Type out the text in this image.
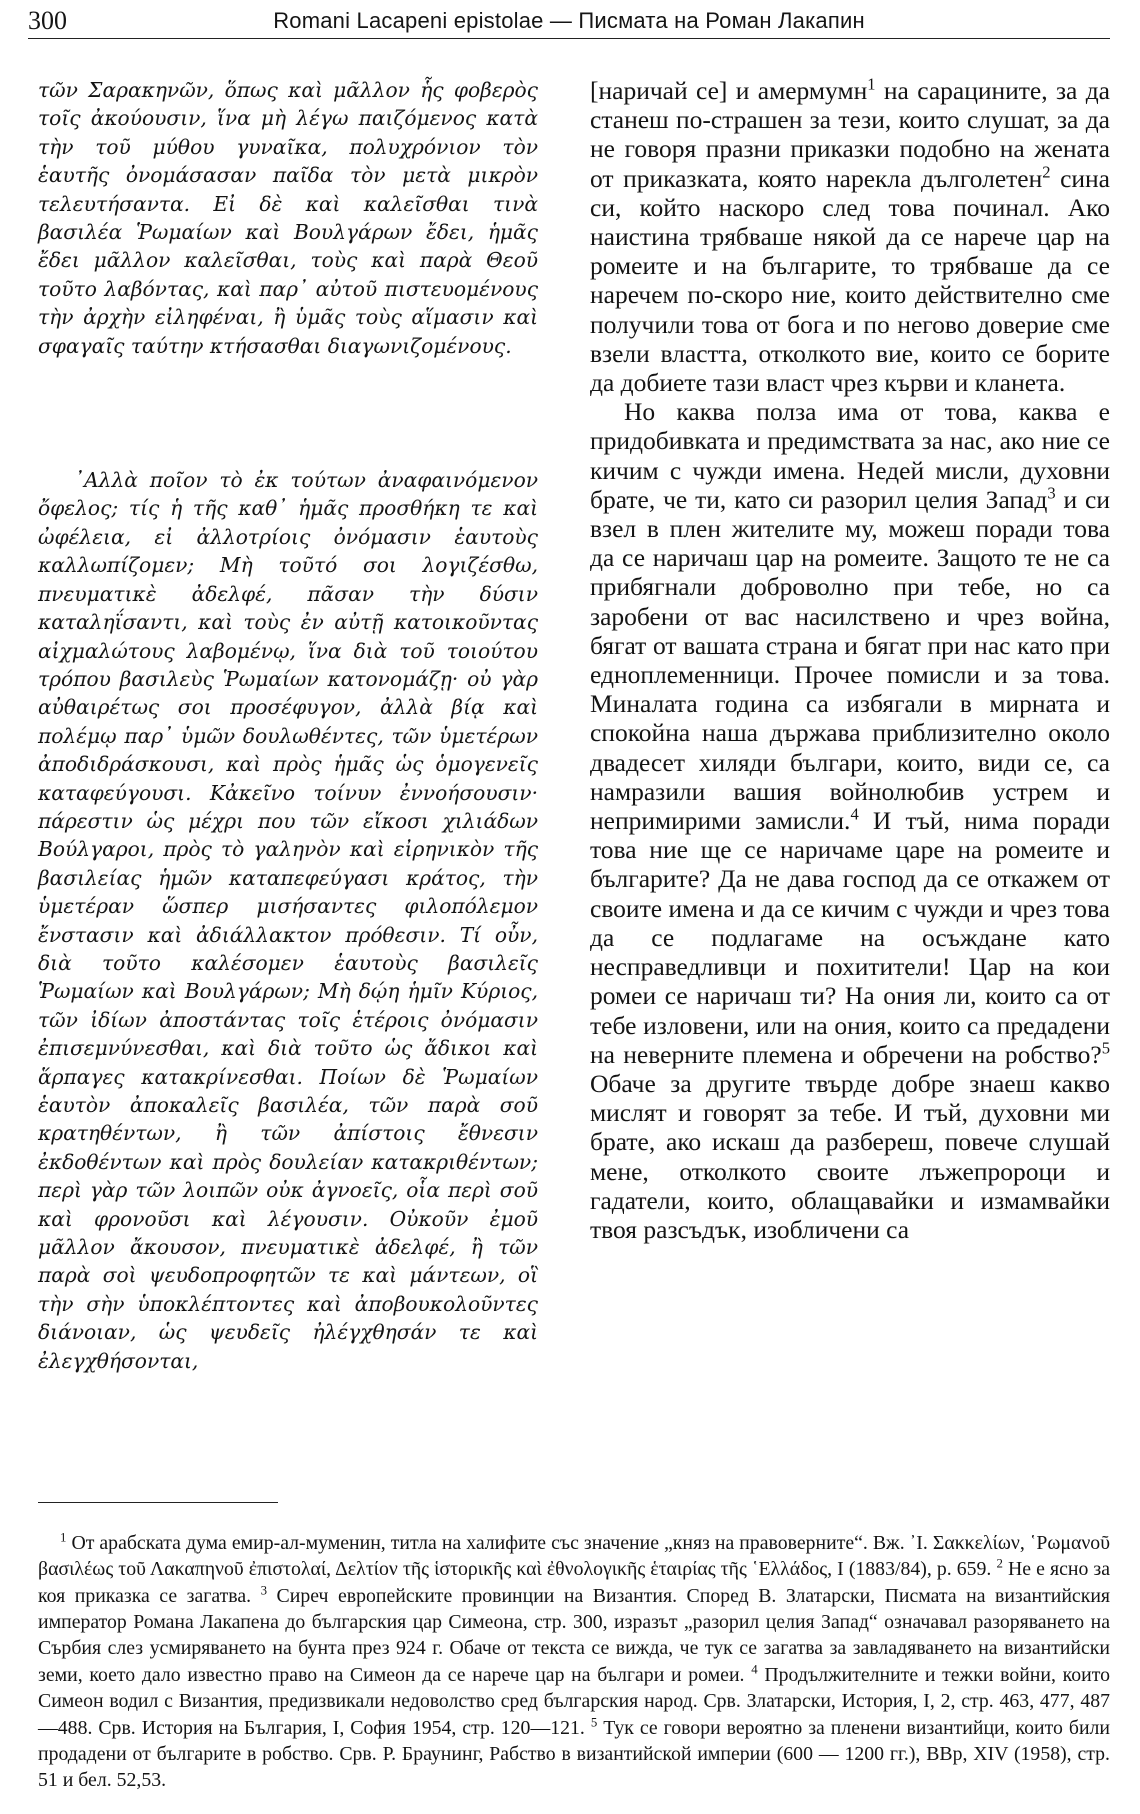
300	Romani Lacapeni epistolae — Писмата на Роман Лакапин

τῶν Σαρακηνῶν, ὅπως καὶ μᾶλλον ἧς φοβερὸς τοῖς ἀκούουσιν, ἵνα μὴ λέγω παιζόμενος κατὰ τὴν τοῦ μύθου γυναῖκα, πολυχρόνιον τὸν ἑαυτῆς ὀνομάσασαν παῖδα τὸν μετὰ μικρὸν τελευτήσαντα. Εἰ δὲ καὶ καλεῖσθαι τινὰ βασιλέα Ῥωμαίων καὶ Βουλγάρων ἔδει, ἡμᾶς ἔδει μᾶλλον καλεῖσθαι, τοὺς καὶ παρὰ Θεοῦ τοῦτο λαβόντας, καὶ παρ᾿ αὐτοῦ πιστευομένους τὴν ἀρχὴν εἰληφέναι, ἢ ὑμᾶς τοὺς αἵμασιν καὶ σφαγαῖς ταύτην κτήσασθαι διαγωνιζομένους.

᾿Αλλὰ ποῖον τὸ ἐκ τούτων ἀναφαινόμενον ὄφελος; τίς ἡ τῆς καθ᾿ ἡμᾶς προσθήκη τε καὶ ὠφέλεια, εἰ ἀλλοτρίοις ὀνόμασιν ἑαυτοὺς καλλωπίζομεν; Μὴ τοῦτό σοι λογιζέσθω, πνευματικὲ ἀδελφέ, πᾶσαν τὴν δύσιν καταληΐσαντι, καὶ τοὺς ἐν αὐτῇ κατοικοῦντας αἰχμαλώτους λαβομένῳ, ἵνα διὰ τοῦ τοιούτου τρόπου βασιλεὺς Ῥωμαίων κατονομάζῃ· οὐ γὰρ αὐθαιρέτως σοι προσέφυγον, ἀλλὰ βίᾳ καὶ πολέμῳ παρ᾿ ὑμῶν δουλωθέντες, τῶν ὑμετέρων ἀποδιδράσκουσι, καὶ πρὸς ἡμᾶς ὡς ὁμογενεῖς καταφεύγουσι. Κἀκεῖνο τοίνυν ἐννοήσουσιν· πάρεστιν ὡς μέχρι που τῶν εἴκοσι χιλιάδων Βούλγαροι, πρὸς τὸ γαληνὸν καὶ εἰρηνικὸν τῆς βασιλείας ἡμῶν καταπεφεύγασι κράτος, τὴν ὑμετέραν ὥσπερ μισήσαντες φιλοπόλεμον ἔνστασιν καὶ ἀδιάλλακτον πρόθεσιν. Τί οὖν, διὰ τοῦτο καλέσομεν ἑαυτοὺς βασιλεῖς Ῥωμαίων καὶ Βουλγάρων; Μὴ δῴη ἡμῖν Κύριος, τῶν ἰδίων ἀποστάντας τοῖς ἑτέροις ὀνόμασιν ἐπισεμνύνεσθαι, καὶ διὰ τοῦτο ὡς ἄδικοι καὶ ἅρπαγες κατακρίνεσθαι. Ποίων δὲ Ῥωμαίων ἑαυτὸν ἀποκαλεῖς βασιλέα, τῶν παρὰ σοῦ κρατηθέντων, ἢ τῶν ἀπίστοις ἔθνεσιν ἐκδοθέντων καὶ πρὸς δουλείαν κατακριθέντων; περὶ γὰρ τῶν λοιπῶν οὐκ ἀγνοεῖς, οἷα περὶ σοῦ καὶ φρονοῦσι καὶ λέγουσιν. Οὐκοῦν ἐμοῦ μᾶλλον ἄκουσον, πνευματικὲ ἀδελφέ, ἢ τῶν παρὰ σοὶ ψευδοπροφητῶν τε καὶ μάντεων, οἳ τὴν σὴν ὑποκλέπτοντες καὶ ἀποβουκολοῦντες διάνοιαν, ὡς ψευδεῖς ἠλέγχθησάν τε καὶ ἐλεγχθήσονται,

[наричай се] и амермумн$^1$ на сарацините, за да станеш по-страшен за тези, които слушат, за да не говоря празни приказки подобно на жената от приказката, която нарекла дълголетен$^2$ сина си, който наскоро след това починал. Ако наистина трябваше някой да се нарече цар на ромеите и на българите, то трябваше да се наречем по-скоро ние, които действително сме получили това от бога и по негово доверие сме взели властта, отколкото вие, които се борите да добиете тази власт чрез кърви и кланета.

Но каква полза има от това, каква е придобивката и предимствата за нас, ако ние се кичим с чужди имена. Недей мисли, духовни брате, че ти, като си разорил целия Запад$^3$ и си взел в плен жителите му, можеш поради това да се наричаш цар на ромеите. Защото те не са прибягнали доброволно при тебе, но са заробени от вас насилствено и чрез война, бягат от вашата страна и бягат при нас като при едноплеменници. Прочее помисли и за това. Миналата година са избягали в мирната и спокойна наша държава приблизително около двадесет хиляди българи, които, види се, са намразили вашия войнолюбив устрем и непримирими замисли.$^4$ И тъй, нима поради това ние ще се наричаме царе на ромеите и българите? Да не дава господ да се откажем от своите имена и да се кичим с чужди и чрез това да се подлагаме на осъждане като несправедливци и похитители! Цар на кои ромеи се наричаш ти? На ония ли, които са от тебе изловени, или на ония, които са предадени на неверните племена и обречени на робство?$^5$ Обаче за другите твърде добре знаеш какво мислят и говорят за тебе. И тъй, духовни ми брате, ако искаш да разбереш, повече слушай мене, отколкото своите лъжепророци и гадатели, които, облащавайки и измамвайки твоя разсъдък, изобличени са

$^1$ От арабската дума емир-ал-муменин, титла на халифите със значение „княз на правоверните“. Вж. ᾿Ι. Σακκελίων, ῾Ρωμανοῦ βασιλέως τοῦ Λακαπηνοῦ ἐπιστολαί, Δελτίον τῆς ἱστορικῆς καὶ ἐθνολογικῆς ἑταιρίας τῆς ῾Ελλάδος, I (1883/84), p. 659. $^2$ Не е ясно за коя приказка се загатва. $^3$ Сиреч европейските провинции на Византия. Според В. Златарски, Писмата на византийския император Романа Лакапена до българския цар Симеона, стр. 300, изразът „разорил целия Запад“ означавал разоряването на Сърбия слез усмиряването на бунта през 924 г. Обаче от текста се вижда, че тук се загатва за завладяването на византийски земи, което дало известно право на Симеон да се нарече цар на българи и ромеи. $^4$ Продължителните и тежки войни, които Симеон водил с Византия, предизвикали недоволство сред българския народ. Срв. Златарски, История, I, 2, стр. 463, 477, 487—488. Срв. История на България, I, София 1954, стр. 120—121. $^5$ Тук се говори вероятно за пленени византийци, които били продадени от българите в робство. Срв. Р. Браунинг, Рабство в византийской империи (600 — 1200 гг.), ВВр, XIV (1958), стр. 51 и бел. 52,53.
